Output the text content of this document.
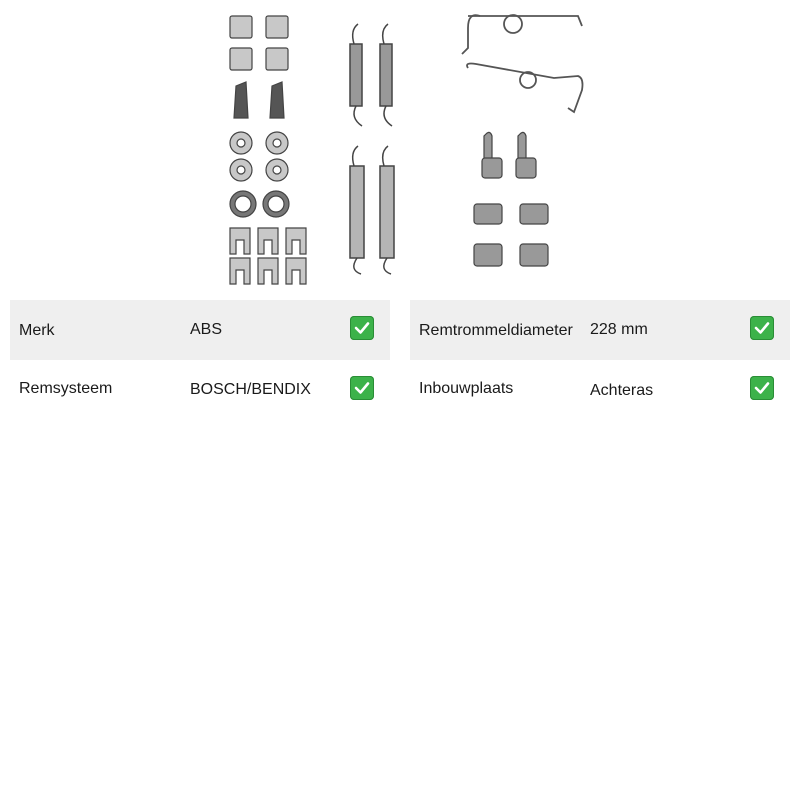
Merk	ABS
Remsysteem	BOSCH/BENDIX
Remtrommeldiameter 228 mm
Inbouwplaats	Achteras
